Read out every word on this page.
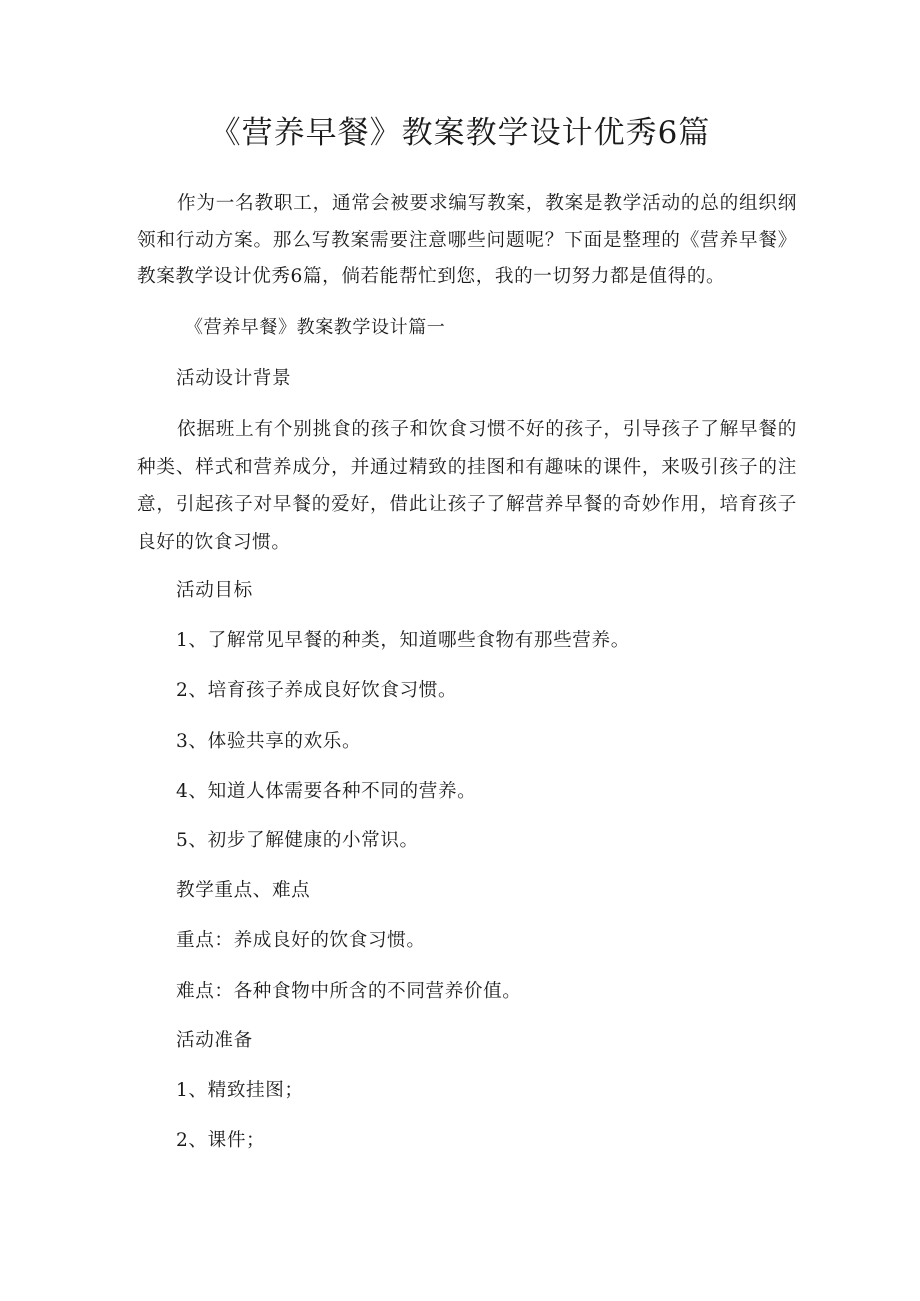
《营养早餐》教案教学设计优秀6篇

作为一名教职工，通常会被要求编写教案，教案是教学活动的总的组织纲领和行动方案。那么写教案需要注意哪些问题呢？下面是整理的《营养早餐》教案教学设计优秀6篇，倘若能帮忙到您，我的一切努力都是值得的。

《营养早餐》教案教学设计篇一

活动设计背景

依据班上有个别挑食的孩子和饮食习惯不好的孩子，引导孩子了解早餐的种类、样式和营养成分，并通过精致的挂图和有趣味的课件，来吸引孩子的注意，引起孩子对早餐的爱好，借此让孩子了解营养早餐的奇妙作用，培育孩子良好的饮食习惯。

活动目标

1、了解常见早餐的种类，知道哪些食物有那些营养。

2、培育孩子养成良好饮食习惯。

3、体验共享的欢乐。

4、知道人体需要各种不同的营养。

5、初步了解健康的小常识。

教学重点、难点

重点：养成良好的饮食习惯。

难点：各种食物中所含的不同营养价值。

活动准备

1、精致挂图；

2、课件；
